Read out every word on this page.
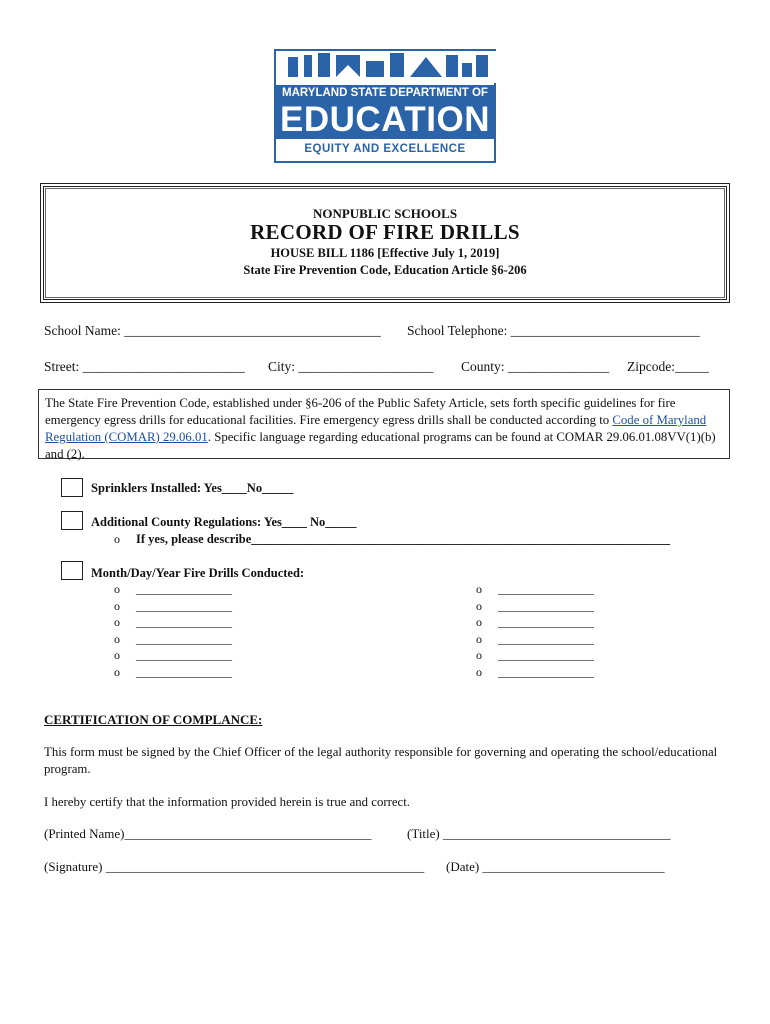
MARYLAND STATE DEPARTMENT OF
EDUCATION
EQUITY AND EXCELLENCE
NONPUBLIC SCHOOLS
RECORD OF FIRE DRILLS
HOUSE BILL 1186 [Effective July 1, 2019]
State Fire Prevention Code, Education Article §6-206
School Name: ______________________________________ School Telephone: ____________________________
Street: ________________________ City: ____________________ County: _______________ Zipcode:_____
The State Fire Prevention Code, established under §6-206 of the Public Safety Article, sets forth specific guidelines for fire emergency egress drills for educational facilities. Fire emergency egress drills shall be conducted according to Code of Maryland Regulation (COMAR) 29.06.01. Specific language regarding educational programs can be found at COMAR 29.06.01.08VV(1)(b) and (2).
Sprinklers Installed: Yes____No_____
Additional County Regulations: Yes____ No_____
o If yes, please describe___________________________________________________________________
Month/Day/Year Fire Drills Conducted:
o ________________
o ________________
o ________________
o ________________
o ________________
o ________________
o ________________
o ________________
o ________________
o ________________
o ________________
o ________________
CERTIFICATION OF COMPLANCE:
This form must be signed by the Chief Officer of the legal authority responsible for governing and operating the school/educational program.
I hereby certify that the information provided herein is true and correct.
(Printed Name)______________________________________	(Title) ___________________________________
(Signature) _________________________________________________ (Date) ____________________________
